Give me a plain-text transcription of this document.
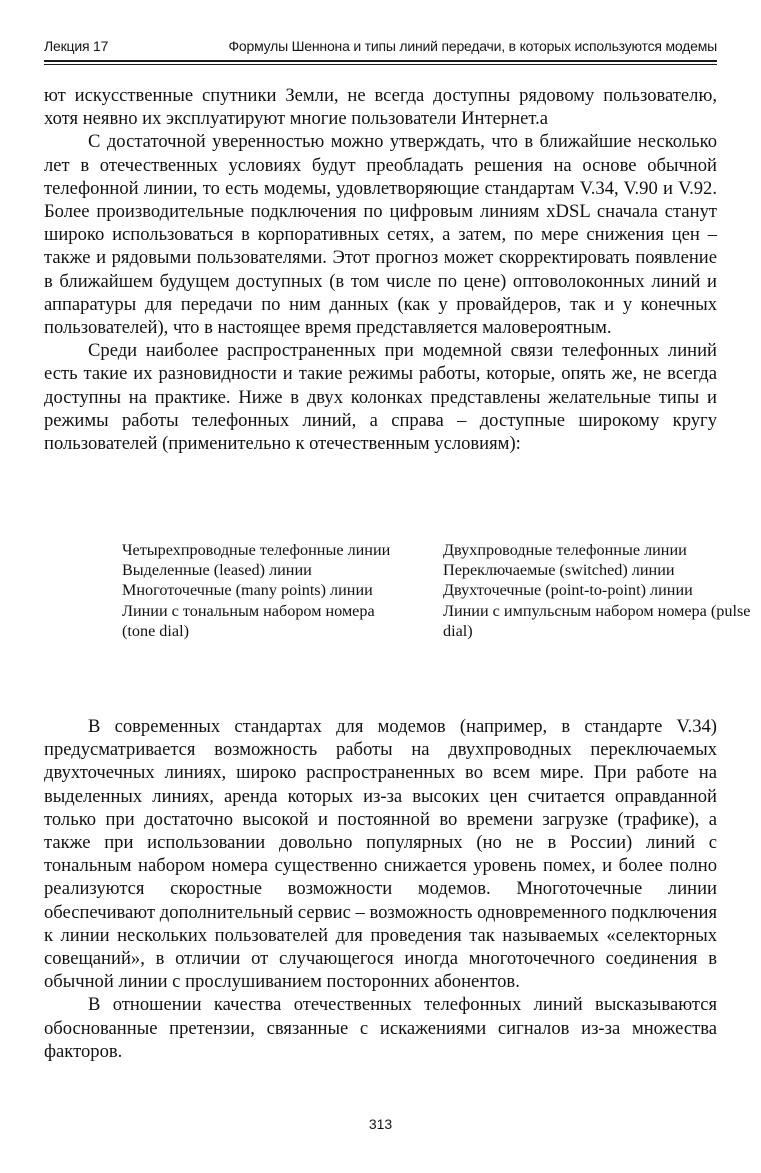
Лекция 17	Формулы Шеннона и типы линий передачи, в которых используются модемы

ют искусственные спутники Земли, не всегда доступны рядовому пользователю, хотя неявно их эксплуатируют многие пользователи Интернет.а

С достаточной уверенностью можно утверждать, что в ближайшие несколько лет в отечественных условиях будут преобладать решения на основе обычной телефонной линии, то есть модемы, удовлетворяющие стандартам V.34, V.90 и V.92. Более производительные подключения по цифровым линиям xDSL сначала станут широко использоваться в корпоративных сетях, а затем, по мере снижения цен – также и рядовыми пользователями. Этот прогноз может скорректировать появление в ближайшем будущем доступных (в том числе по цене) оптоволоконных линий и аппаратуры для передачи по ним данных (как у провайдеров, так и у конечных пользователей), что в настоящее время представляется маловероятным.

Среди наиболее распространенных при модемной связи телефонных линий есть такие их разновидности и такие режимы работы, которые, опять же, не всегда доступны на практике. Ниже в двух колонках представлены желательные типы и режимы работы телефонных линий, а справа – доступные широкому кругу пользователей (применительно к отечественным условиям):

Четырехпроводные телефонные линии

Выделенные (leased) линии

Многоточечные (many points) линии

Линии с тональным набором номера (tone dial)

Двухпроводные телефонные линии

Переключаемые (switched) линии

Двухточечные (point-to-point) линии

Линии с импульсным набором номера (pulse dial)

В современных стандартах для модемов (например, в стандарте V.34) предусматривается возможность работы на двухпроводных переключаемых двухточечных линиях, широко распространенных во всем мире. При работе на выделенных линиях, аренда которых из-за высоких цен считается оправданной только при достаточно высокой и постоянной во времени загрузке (трафике), а также при использовании довольно популярных (но не в России) линий с тональным набором номера существенно снижается уровень помех, и более полно реализуются скоростные возможности модемов. Многоточечные линии обеспечивают дополнительный сервис – возможность одновременного подключения к линии нескольких пользователей для проведения так называемых «селекторных совещаний», в отличии от случающегося иногда многоточечного соединения в обычной линии с прослушиванием посторонних абонентов.

В отношении качества отечественных телефонных линий высказываются обоснованные претензии, связанные с искажениями сигналов из-за множества факторов.

313
